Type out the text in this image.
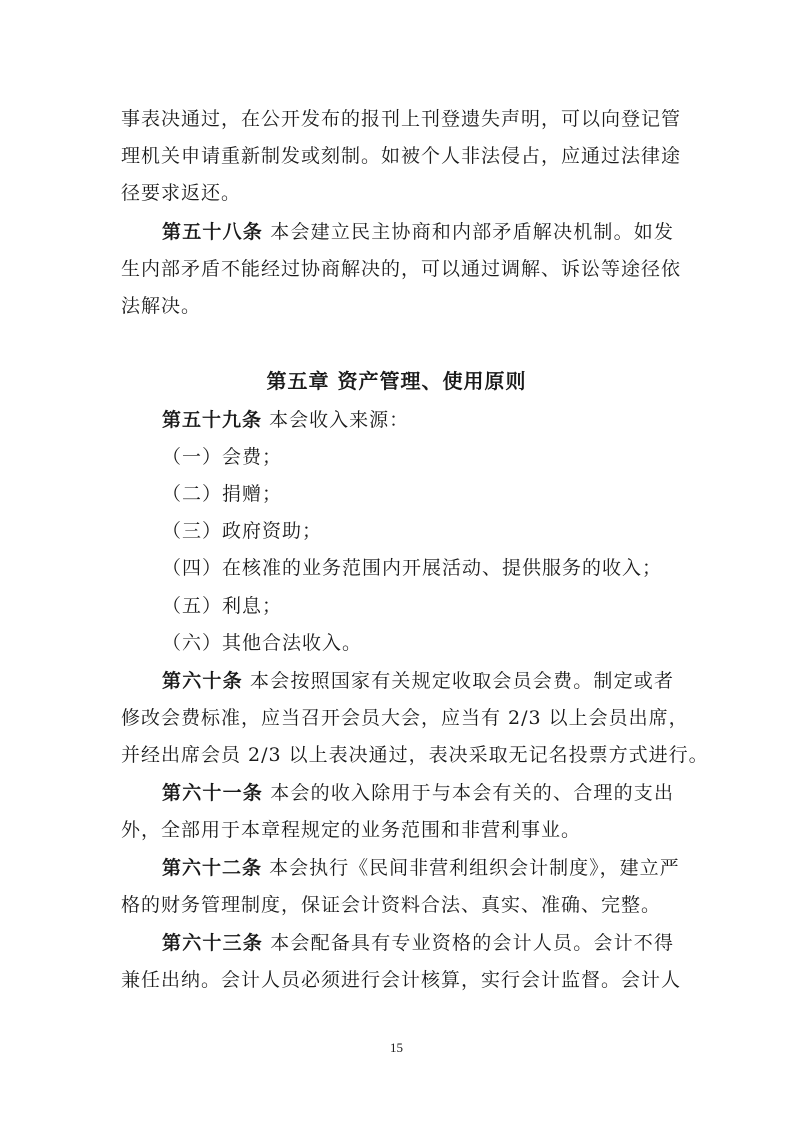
事表决通过，在公开发布的报刊上刊登遗失声明，可以向登记管
理机关申请重新制发或刻制。如被个人非法侵占，应通过法律途
径要求返还。
第五十八条 本会建立民主协商和内部矛盾解决机制。如发
生内部矛盾不能经过协商解决的，可以通过调解、诉讼等途径依
法解决。
第五章 资产管理、使用原则
第五十九条 本会收入来源：
（一）会费；
（二）捐赠；
（三）政府资助；
（四）在核准的业务范围内开展活动、提供服务的收入；
（五）利息；
（六）其他合法收入。
第六十条 本会按照国家有关规定收取会员会费。制定或者
修改会费标准，应当召开会员大会，应当有 2/3 以上会员出席，
并经出席会员 2/3 以上表决通过，表决采取无记名投票方式进行。
第六十一条 本会的收入除用于与本会有关的、合理的支出
外，全部用于本章程规定的业务范围和非营利事业。
第六十二条 本会执行《民间非营利组织会计制度》，建立严
格的财务管理制度，保证会计资料合法、真实、准确、完整。
第六十三条 本会配备具有专业资格的会计人员。会计不得
兼任出纳。会计人员必须进行会计核算，实行会计监督。会计人
15
